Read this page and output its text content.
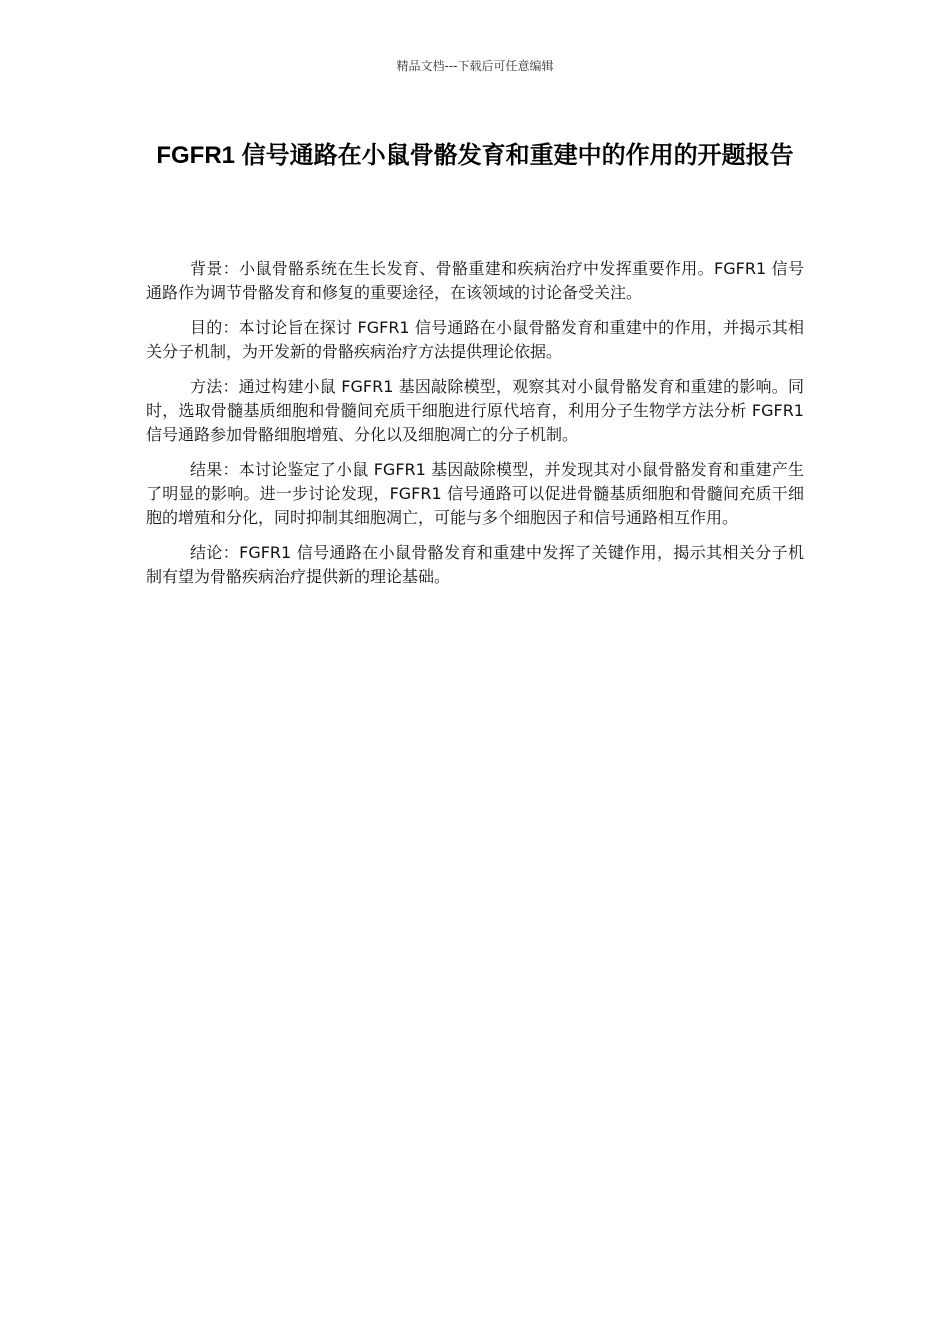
精品文档---下载后可任意编辑
FGFR1 信号通路在小鼠骨骼发育和重建中的作用的开题报告

背景：小鼠骨骼系统在生长发育、骨骼重建和疾病治疗中发挥重要作用。FGFR1 信号通路作为调节骨骼发育和修复的重要途径，在该领域的讨论备受关注。

目的：本讨论旨在探讨 FGFR1 信号通路在小鼠骨骼发育和重建中的作用，并揭示其相关分子机制，为开发新的骨骼疾病治疗方法提供理论依据。

方法：通过构建小鼠 FGFR1 基因敲除模型，观察其对小鼠骨骼发育和重建的影响。同时，选取骨髓基质细胞和骨髓间充质干细胞进行原代培育，利用分子生物学方法分析 FGFR1 信号通路参加骨骼细胞增殖、分化以及细胞凋亡的分子机制。

结果：本讨论鉴定了小鼠 FGFR1 基因敲除模型，并发现其对小鼠骨骼发育和重建产生了明显的影响。进一步讨论发现，FGFR1 信号通路可以促进骨髓基质细胞和骨髓间充质干细胞的增殖和分化，同时抑制其细胞凋亡，可能与多个细胞因子和信号通路相互作用。

结论：FGFR1 信号通路在小鼠骨骼发育和重建中发挥了关键作用，揭示其相关分子机制有望为骨骼疾病治疗提供新的理论基础。
